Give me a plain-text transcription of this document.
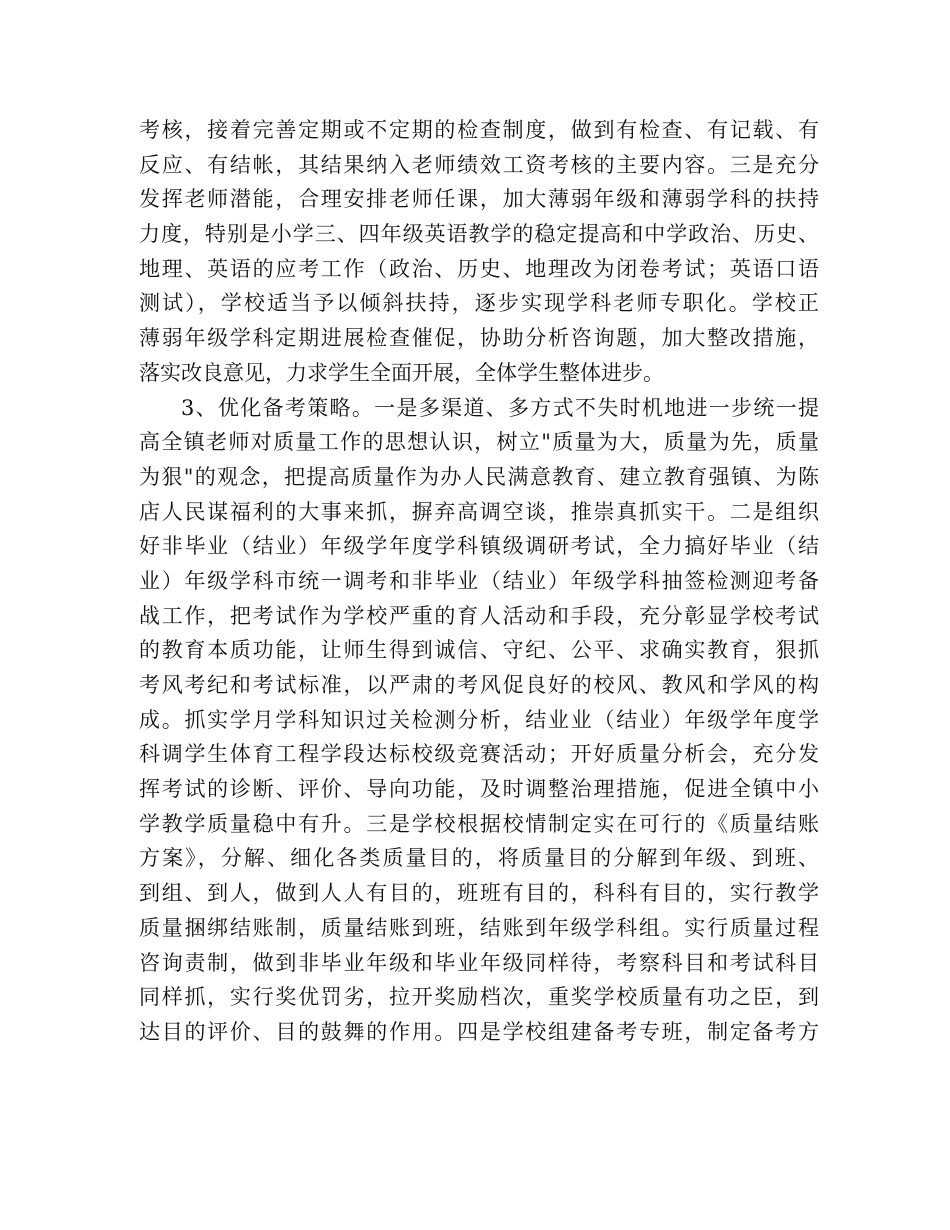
考核，接着完善定期或不定期的检查制度，做到有检查、有记载、有
反应、有结帐，其结果纳入老师绩效工资考核的主要内容。三是充分
发挥老师潜能，合理安排老师任课，加大薄弱年级和薄弱学科的扶持
力度，特别是小学三、四年级英语教学的稳定提高和中学政治、历史、
地理、英语的应考工作（政治、历史、地理改为闭卷考试；英语口语
测试），学校适当予以倾斜扶持，逐步实现学科老师专职化。学校正
薄弱年级学科定期进展检查催促，协助分析咨询题，加大整改措施，
落实改良意见，力求学生全面开展，全体学生整体进步。

3、优化备考策略。一是多渠道、多方式不失时机地进一步统一提
高全镇老师对质量工作的思想认识，树立"质量为大，质量为先，质量
为狠"的观念，把提高质量作为办人民满意教育、建立教育强镇、为陈
店人民谋福利的大事来抓，摒弃高调空谈，推崇真抓实干。二是组织
好非毕业（结业）年级学年度学科镇级调研考试，全力搞好毕业（结
业）年级学科市统一调考和非毕业（结业）年级学科抽签检测迎考备
战工作，把考试作为学校严重的育人活动和手段，充分彰显学校考试
的教育本质功能，让师生得到诚信、守纪、公平、求确实教育，狠抓
考风考纪和考试标准，以严肃的考风促良好的校风、教风和学风的构
成。抓实学月学科知识过关检测分析，结业业（结业）年级学年度学
科调学生体育工程学段达标校级竞赛活动；开好质量分析会，充分发
挥考试的诊断、评价、导向功能，及时调整治理措施，促进全镇中小
学教学质量稳中有升。三是学校根据校情制定实在可行的《质量结账
方案》，分解、细化各类质量目的，将质量目的分解到年级、到班、
到组、到人，做到人人有目的，班班有目的，科科有目的，实行教学
质量捆绑结账制，质量结账到班，结账到年级学科组。实行质量过程
咨询责制，做到非毕业年级和毕业年级同样待，考察科目和考试科目
同样抓，实行奖优罚劣，拉开奖励档次，重奖学校质量有功之臣，到
达目的评价、目的鼓舞的作用。四是学校组建备考专班，制定备考方
